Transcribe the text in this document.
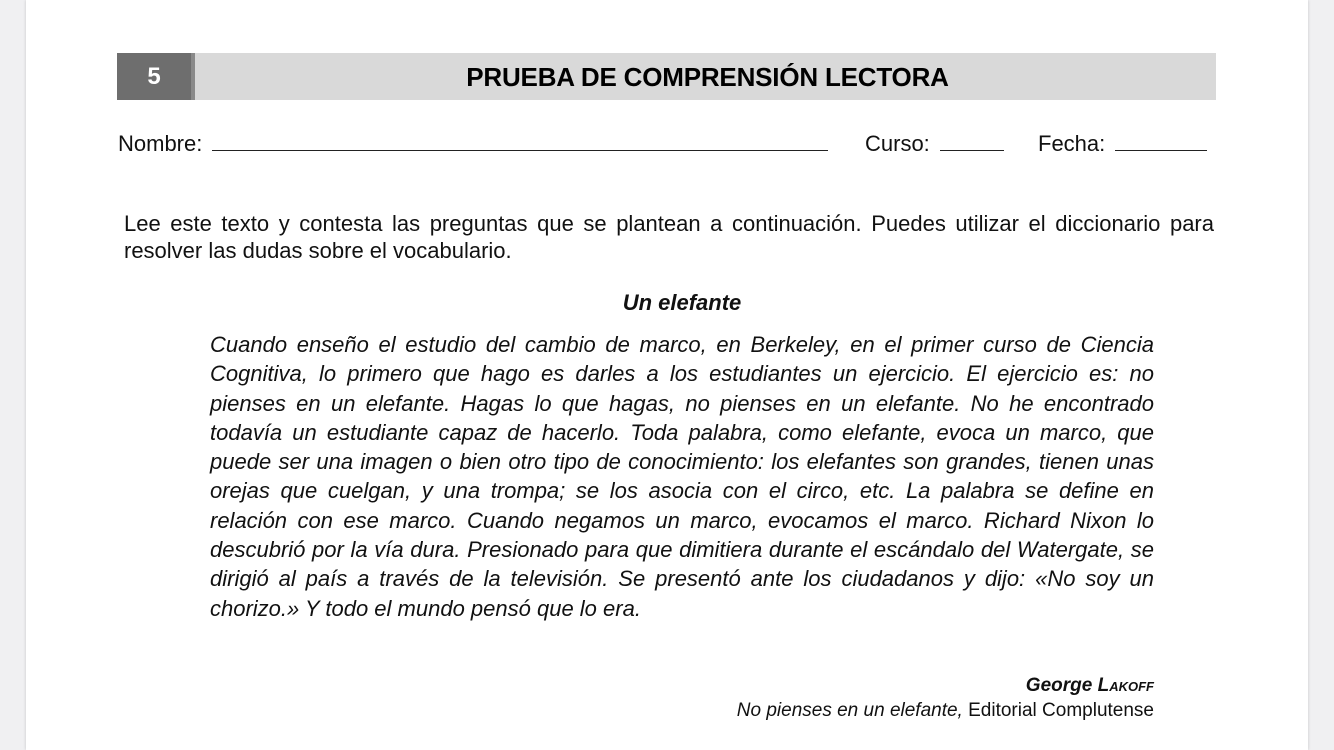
5	PRUEBA DE COMPRENSIÓN LECTORA
Nombre:	Curso:	Fecha:
Lee este texto y contesta las preguntas que se plantean a continuación. Puedes utilizar el diccionario para resolver las dudas sobre el vocabulario.
Un elefante
Cuando enseño el estudio del cambio de marco, en Berkeley, en el primer curso de Ciencia Cognitiva, lo primero que hago es darles a los estudiantes un ejercicio. El ejercicio es: no pienses en un elefante. Hagas lo que hagas, no pienses en un elefante. No he encontrado todavía un estudiante capaz de hacerlo. Toda palabra, como elefante, evoca un marco, que puede ser una imagen o bien otro tipo de conocimiento: los elefantes son grandes, tienen unas orejas que cuelgan, y una trompa; se los asocia con el circo, etc. La palabra se define en relación con ese marco. Cuando negamos un marco, evocamos el marco. Richard Nixon lo descubrió por la vía dura. Presionado para que dimitiera durante el escándalo del Watergate, se dirigió al país a través de la televisión. Se presentó ante los ciudadanos y dijo: «No soy un chorizo.» Y todo el mundo pensó que lo era.
George Lakoff
No pienses en un elefante, Editorial Complutense
